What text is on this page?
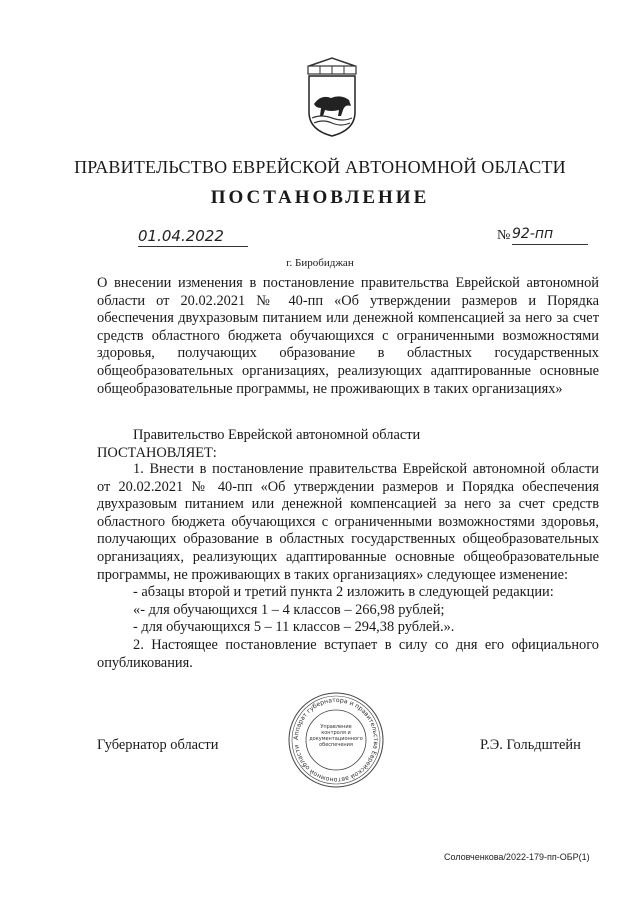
ПРАВИТЕЛЬСТВО ЕВРЕЙСКОЙ АВТОНОМНОЙ ОБЛАСТИ
ПОСТАНОВЛЕНИЕ
01.04.2022	№ 92-пп
г. Биробиджан

О внесении изменения в постановление правительства Еврейской автономной области от 20.02.2021 № 40-пп «Об утверждении размеров и Порядка обеспечения двухразовым питанием или денежной компенсацией за него за счет средств областного бюджета обучающихся с ограниченными возможностями здоровья, получающих образование в областных государственных общеобразовательных организациях, реализующих адаптированные основные общеобразовательные программы, не проживающих в таких организациях»

Правительство Еврейской автономной области

ПОСТАНОВЛЯЕТ:

1. Внести в постановление правительства Еврейской автономной области от 20.02.2021 № 40-пп «Об утверждении размеров и Порядка обеспечения двухразовым питанием или денежной компенсацией за него за счет средств областного бюджета обучающихся с ограниченными возможностями здоровья, получающих образование в областных государственных общеобразовательных организациях, реализующих адаптированные основные общеобразовательные программы, не проживающих в таких организациях» следующее изменение:

- абзацы второй и третий пункта 2 изложить в следующей редакции:

«- для обучающихся 1 – 4 классов – 266,98 рублей;

- для обучающихся 5 – 11 классов – 294,38 рублей.».

2. Настоящее постановление вступает в силу со дня его официального опубликования.

Губернатор области	Р.Э. Гольдштейн
Аппарат губернатора и правительства Еврейской автономной области
Управление контроля и документационного обеспечения
Соловченкова/2022-179-пп-ОБР(1)
